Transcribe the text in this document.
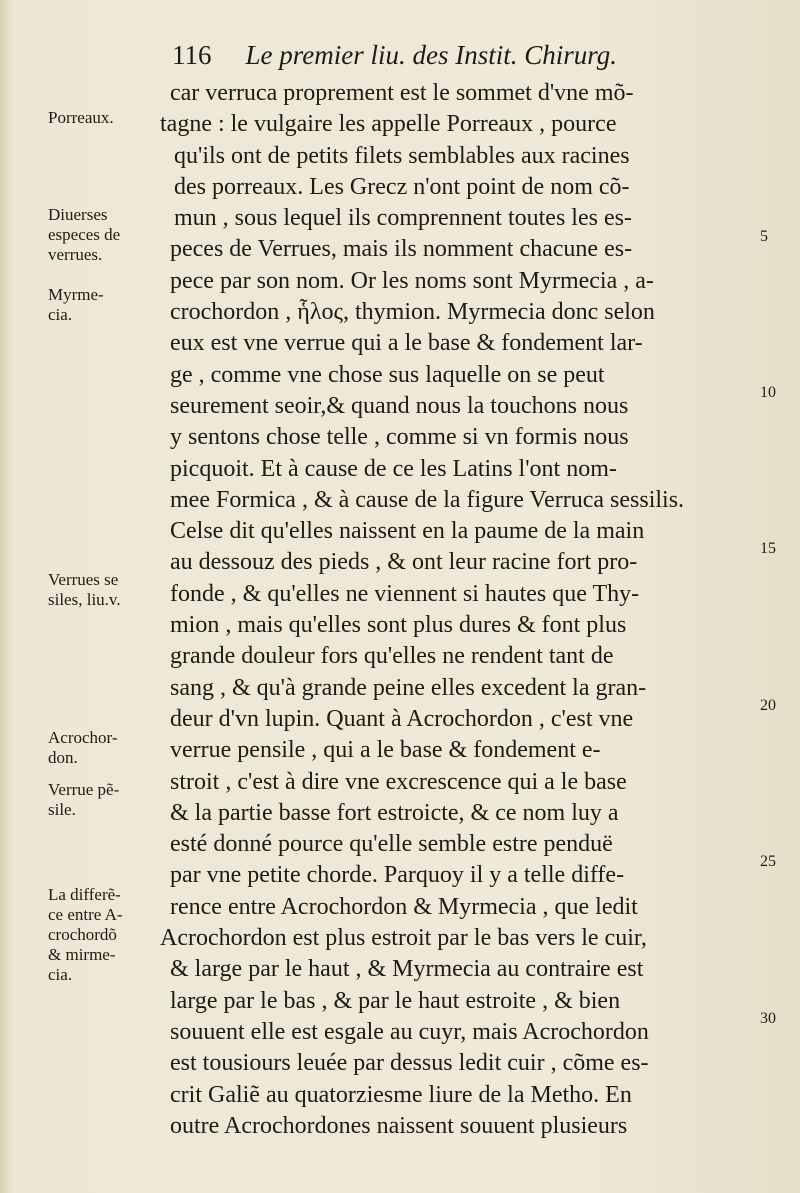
116 Le premier liu. des Instit. Chirurg.
car verruca proprement est le sommet d'vne mõ-
tagne : le vulgaire les appelle Porreaux , pource
qu'ils ont de petits filets semblables aux racines
des porreaux. Les Grecz n'ont point de nom cõ-
mun , sous lequel ils comprennent toutes les es-
peces de Verrues, mais ils nomment chacune es-
pece par son nom. Or les noms sont Myrmecia , a-
crochordon , ἧλος, thymion. Myrmecia donc selon
eux est vne verrue qui a le base & fondement lar-
ge , comme vne chose sus laquelle on se peut
seurement seoir,& quand nous la touchons nous
y sentons chose telle , comme si vn formis nous
picquoit. Et à cause de ce les Latins l'ont nom-
mee Formica , & à cause de la figure Verruca sessilis.
Celse dit qu'elles naissent en la paume de la main
au dessouz des pieds , & ont leur racine fort pro-
fonde , & qu'elles ne viennent si hautes que Thy-
mion , mais qu'elles sont plus dures & font plus
grande douleur fors qu'elles ne rendent tant de
sang , & qu'à grande peine elles excedent la gran-
deur d'vn lupin. Quant à Acrochordon , c'est vne
verrue pensile , qui a le base & fondement e-
stroit , c'est à dire vne excrescence qui a le base
& la partie basse fort estroicte, & ce nom luy a
esté donné pource qu'elle semble estre penduë
par vne petite chorde. Parquoy il y a telle diffe-
rence entre Acrochordon & Myrmecia , que ledit
Acrochordon est plus estroit par le bas vers le cuir,
& large par le haut , & Myrmecia au contraire est
large par le bas , & par le haut estroite , & bien
souuent elle est esgale au cuyr, mais Acrochordon
est tousiours leuée par dessus ledit cuir , cõme es-
crit Galiẽ au quatorziesme liure de la Metho. En
outre Acrochordones naissent souuent plusieurs
Porreaux.
Diuerses
especes de
verrues.
Myrme-
cia.
Verrues se
siles, liu.v.
Acrochor-
don.
Verrue pẽ-
sile.
La differẽ-
ce entre A-
crochordõ
& mirme-
cia.
5
10
15
20
25
30
